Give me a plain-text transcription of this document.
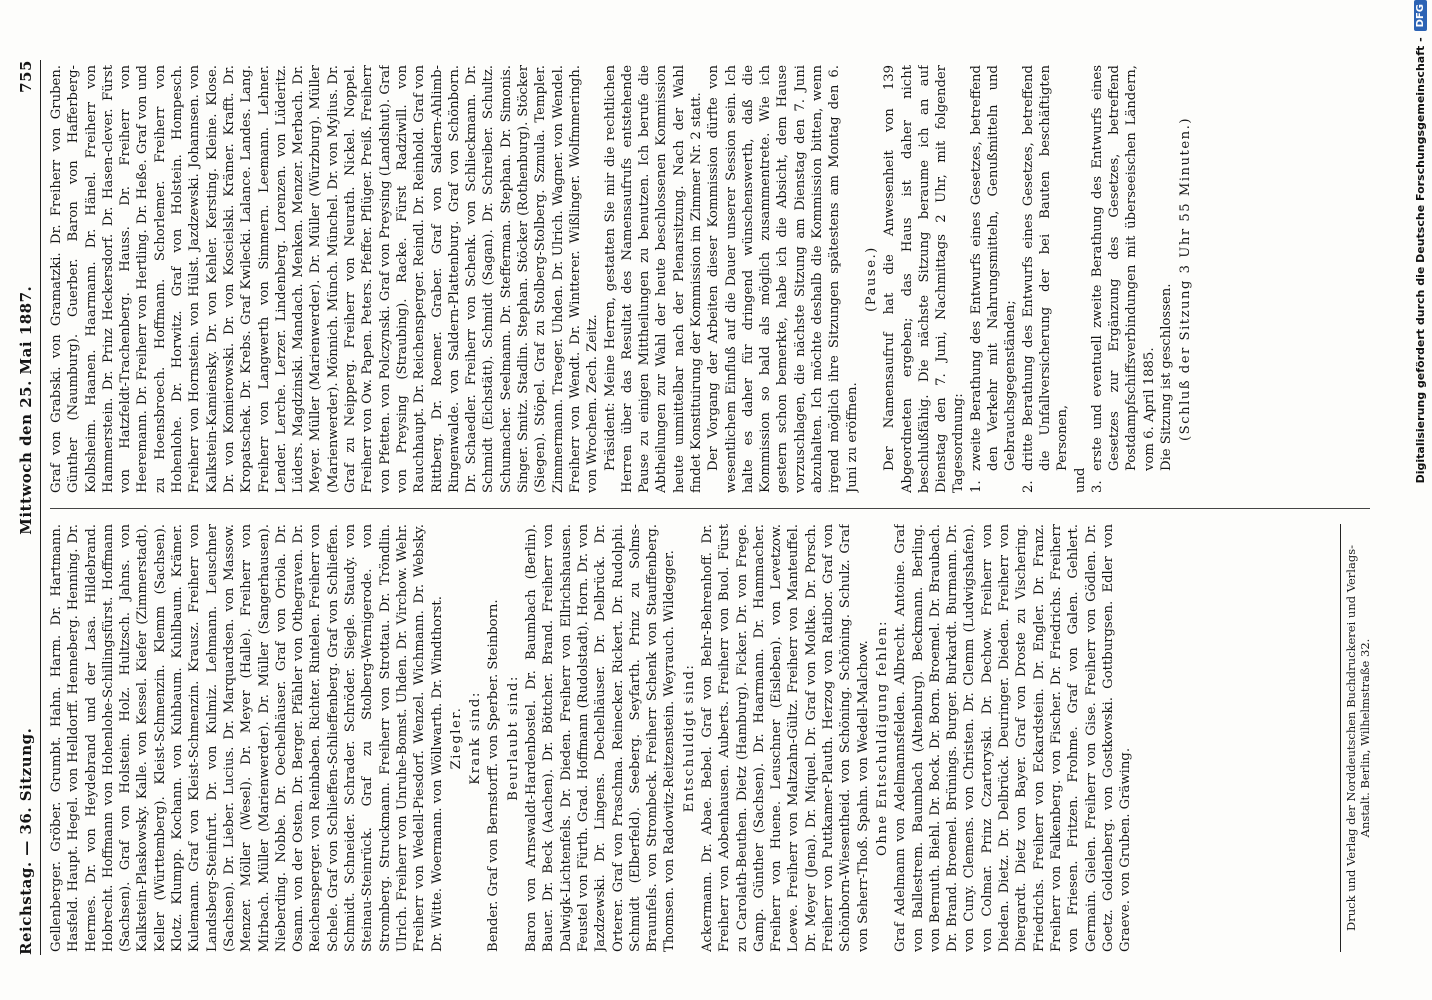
Reichstag. — 36. Sitzung.
Mittwoch den 25. Mai 1887.
755

Gellenberger. Gröber. Grumbt. Hahn. Harm. Dr. Hartmann. Hasfeld. Haupt. Hegel. von Helldorff. Henneberg. Henning. Dr. Hermes. Dr. von Heydebrand und der Lasa. Hildebrand. Hobrecht. Hoffmann von Hohenlohe-Schillingsfürst. Hoffmann (Sachsen). Graf von Holstein. Holz. Hultzsch. Jahns. von Kalkstein-Plaskowsky. Kalle. von Kessel. Kiefer (Zimmerstadt). Keller (Württemberg). Kleist-Schmenzin. Klemm (Sachsen). Klotz. Klumpp. Kochann. von Kuhbaum. Kuhlbaum. Krämer. Kulemann. Graf von Kleist-Schmenzin. Krausz. Freiherr von Landsberg-Steinfurt. Dr. von Kulmiz. Lehmann. Leuschner (Sachsen). Dr. Lieber. Lucius. Dr. Marquardsen. von Massow. Menzer. Möller (Wesel). Dr. Meyer (Halle). Freiherr von Mirbach. Müller (Marienwerder). Dr. Müller (Sangerhausen). Nieberding. Nobbe. Dr. Oechelhäuser. Graf von Oriola. Dr. Osann. von der Osten. Dr. Berger. Pfähler von Othegraven. Dr. Reichensperger. von Reinbaben. Richter. Rintelen. Freiherr von Schele. Graf von Schlieffen-Schlieffenberg. Graf von Schlieffen. Schmidt. Schneider. Schrader. Schröder. Siegle. Staudy. von Steinau-Steinrück. Graf zu Stolberg-Wernigerode. von Stromberg. Struckmann. Freiherr von Strottau. Dr. Tröndlin. Ulrich. Freiherr von Unruhe-Bomst. Uhden. Dr. Virchow. Wehr. Freiherr von Wedell-Piesdorf. Wenzel. Wichmann. Dr. Websky. Dr. Witte. Woermann. von Wöllwarth. Dr. Windthorst. Ziegler. Krank sind: Bender. Graf von Bernstorff. von Sperber. Steinborn. Beurlaubt sind: Baron von Arnswaldt-Hardenbostel. Dr. Baumbach (Berlin). Bauer. Dr. Beck (Aachen). Dr. Böttcher. Brand. Freiherr von Dalwigk-Lichtenfels. Dr. Dieden. Freiherr von Ellrichshausen. Feustel von Fürth. Grad. Hoffmann (Rudolstadt). Horn. Dr. von Jazdzewski. Dr. Lingens. Dechelhäuser. Dr. Delbrück. Dr. Orterer. Graf von Praschma. Reinecker. Rickert. Dr. Rudolphi. Schmidt (Elberfeld). Seeberg. Seyfarth. Prinz zu Solms-Braunfels. von Strombeck. Freiherr Schenk von Stauffenberg. Thomsen. von Radowitz-Reitzenstein. Weyrauch. Wildegger. Entschuldigt sind: Ackermann. Dr. Abae. Bebel. Graf von Behr-Behrenhoff. Dr. Freiherr von Aobenhausen. Auberts. Freiherr von Buol. Fürst zu Carolath-Beuthen. Dietz (Hamburg). Ficker. Dr. von Frege. Gamp. Günther (Sachsen). Dr. Haarmann. Dr. Hammacher. Freiherr von Huene. Leuschner (Eisleben). von Levetzow. Loewe. Freiherr von Maltzahn-Gültz. Freiherr von Manteuffel. Dr. Meyer (Jena). Dr. Miquel. Dr. Graf von Moltke. Dr. Porsch. Freiherr von Puttkamer-Plauth. Herzog von Ratibor. Graf von Schönborn-Wiesentheid. von Schöning. Schöning. Schulz. Graf von Seherr-Thoß. Spahn. von Wedell-Malchow. Ohne Entschuldigung fehlen: Graf Adelmann von Adelmannsfelden. Albrecht. Antoine. Graf von Ballestrem. Baumbach (Altenburg). Beckmann. Berling. von Bernuth. Biehl. Dr. Bock. Dr. Born. Broemel. Dr. Braubach. Dr. Brand. Broemel. Brünings. Burger. Burkardt. Burmann. Dr. von Cuny. Clemens. von Christen. Dr. Clemm (Ludwigshafen). von Colmar. Prinz Czartoryski. Dr. Dechow. Freiherr von Dieden. Dietz. Dr. Delbrück. Deuringer. Dieden. Freiherr von Diergardt. Dietz von Bayer. Graf von Droste zu Vischering. Friedrichs. Freiherr von Eckardstein. Dr. Engler. Dr. Franz. Freiherr von Falkenberg. von Fischer. Dr. Friedrichs. Freiherr von Friesen. Fritzen. Frohme. Graf von Galen. Gehlert. Germain. Gielen. Freiherr von Gise. Freiherr von Gödlen. Dr. Goetz. Goldenberg. von Gostkowski. Gottburgsen. Edler von Graeve. von Gruben. Gräwing.

Graf von Grabski. von Gramatzki. Dr. Freiherr von Gruben. Günther (Naumburg). Guerber. Baron von Hafferberg-Kolbsheim. Haanen. Haarmann. Dr. Hänel. Freiherr von Hammerstein. Dr. Prinz Heckersdorf. Dr. Hasen-clever. Fürst von Hatzfeldt-Trachenberg. Hauss. Dr. Freiherr von Heeremann. Dr. Freiherr von Hertling. Dr. Heße. Graf von und zu Hoensbroech. Hoffmann. Schorlemer. Freiherr von Hohenlohe. Dr. Horwitz. Graf von Holstein. Hompesch. Freiherr von Hornstein. von Hülst. Jazdzewski. Johannsen. von Kalkstein-Kamiensky. Dr. von Kehler. Kersting. Kleine. Klose. Dr. von Komierowski. Dr. von Koscielski. Krämer. Krafft. Dr. Kropatschek. Dr. Krebs. Graf Kwilecki. Lalance. Landes. Lang. Freiherr von Langwerth von Simmern. Leemann. Lehner. Lender. Lerche. Lerzer. Lindenberg. Lorenzen. von Lüderitz. Lüders. Magdzinski. Mandach. Menken. Menzer. Merbach. Dr. Meyer. Müller (Marienwerder). Dr. Müller (Würzburg). Müller (Marienwerder). Mönnich. Münch. Münchel. Dr. von Mylius. Dr. Graf zu Neipperg. Freiherr von Neurath. Nickel. Noppel. Freiherr von Ow. Papen. Peters. Pfeffer. Pflüger. Preiß. Freiherr von Pfetten. von Polczynski. Graf von Preysing (Landshut). Graf von Preysing (Straubing). Racke. Fürst Radziwill. von Rauchhaupt. Dr. Reichensperger. Reindl. Dr. Reinhold. Graf von Rittberg. Dr. Roemer. Graber. Graf von Saldern-Ahlimb-Ringenwalde. von Saldern-Plattenburg. Graf von Schönborn. Dr. Schaedler. Freiherr von Schenk. von Schlieckmann. Dr. Schmidt (Eichstätt). Schmidt (Sagan). Dr. Schreiber. Schultz. Schumacher. Seelmann. Dr. Stefferman. Stephan. Dr. Simonis. Singer. Smitz. Stadlin. Stephan. Stöcker (Rothenburg). Stöcker (Siegen). Stöpel. Graf zu Stolberg-Stolberg. Szmula. Templer. Zimmermann. Traeger. Uhden. Dr. Ulrich. Wagner. von Wendel. Freiherr von Wendt. Dr. Wintterer. Wißlinger. Wolfmmeringh. von Wrochem. Zech. Zeitz. Präsident: Meine Herren, gestatten Sie mir die rechtlichen Herren über das Resultat des Namensaufrufs entstehende Pause zu einigen Mittheilungen zu benutzen. Ich berufe die Abtheilungen zur Wahl der heute beschlossenen Kommission heute unmittelbar nach der Plenarsitzung. Nach der Wahl findet Konstituirung der Kommission im Zimmer Nr. 2 statt. Der Vorgang der Arbeiten dieser Kommission dürfte von wesentlichem Einfluß auf die Dauer unserer Session sein. Ich halte es daher für dringend wünschenswerth, daß die Kommission so bald als möglich zusammentrete. Wie ich gestern schon bemerkte, habe ich die Absicht, dem Hause vorzuschlagen, die nächste Sitzung am Dienstag den 7. Juni abzuhalten. Ich möchte deshalb die Kommission bitten, wenn irgend möglich ihre Sitzungen spätestens am Montag den 6. Juni zu eröffnen.

(Pause.) Der Namensaufruf hat die Anwesenheit von 139 Abgeordneten ergeben; das Haus ist daher nicht beschlußfähig. Die nächste Sitzung beraume ich an auf Dienstag den 7. Juni, Nachmittags 2 Uhr, mit folgender Tagesordnung: 1.
zweite Berathung des Entwurfs eines Gesetzes, betreffend den Verkehr mit Nahrungsmitteln, Genußmitteln und Gebrauchsgegenständen;
2.
dritte Berathung des Entwurfs eines Gesetzes, betreffend die Unfallversicherung der bei Bauten beschäftigten Personen,

und 3.
erste und eventuell zweite Berathung des Entwurfs eines Gesetzes zur Ergänzung des Gesetzes, betreffend Postdampfschiffsverbindungen mit überseeischen Ländern, vom 6. April 1885. Die Sitzung ist geschlossen. (Schluß der Sitzung 3 Uhr 55 Minuten.)

Druck und Verlag der Norddeutschen Buchdruckerei und Verlags-Anstalt. Berlin, Wilhelmstraße 32.
Digitalisierung gefördert durch die Deutsche Forschungsgemeinschaft -
DFG
